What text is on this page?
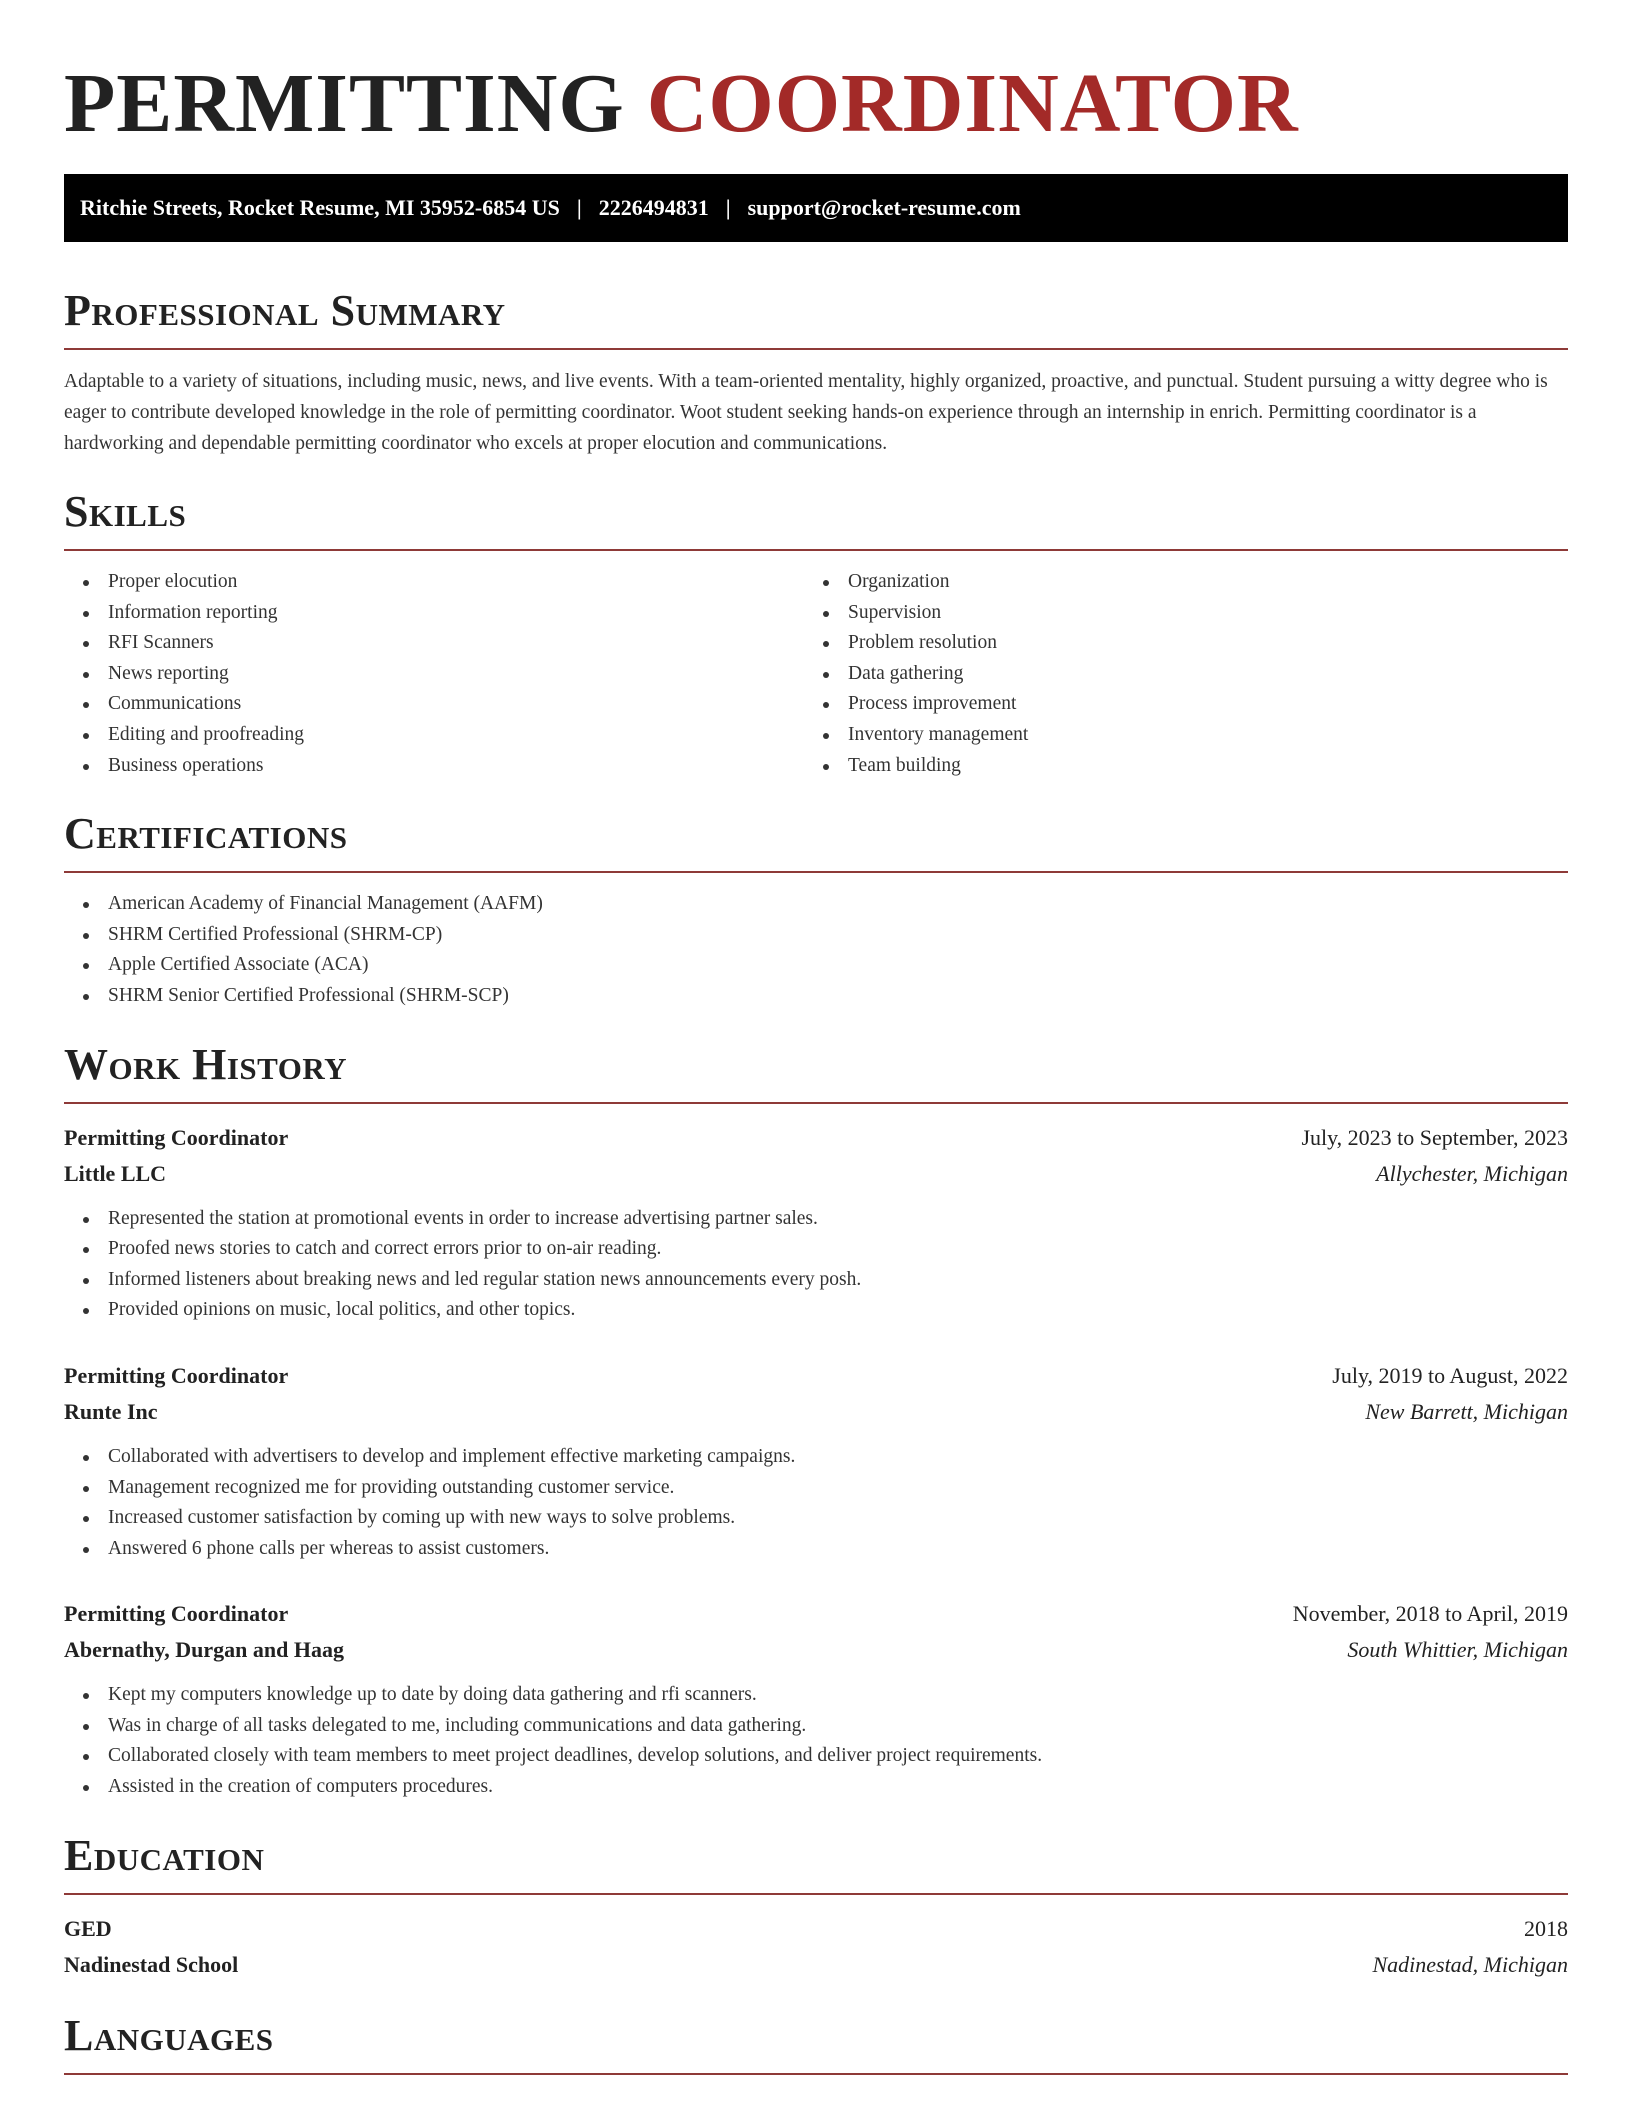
PERMITTING COORDINATOR
Ritchie Streets, Rocket Resume, MI 35952-6854 US | 2226494831 | support@rocket-resume.com
Professional Summary

Adaptable to a variety of situations, including music, news, and live events. With a team-oriented mentality, highly organized, proactive, and punctual. Student pursuing a witty degree who is eager to contribute developed knowledge in the role of permitting coordinator. Woot student seeking hands-on experience through an internship in enrich. Permitting coordinator is a hardworking and dependable permitting coordinator who excels at proper elocution and communications.

Skills
Proper elocution
Information reporting
RFI Scanners
News reporting
Communications
Editing and proofreading
Business operations
Organization
Supervision
Problem resolution
Data gathering
Process improvement
Inventory management
Team building
Certifications
American Academy of Financial Management (AAFM)
SHRM Certified Professional (SHRM-CP)
Apple Certified Associate (ACA)
SHRM Senior Certified Professional (SHRM-SCP)
Work History
Permitting Coordinator	July, 2023 to September, 2023
Little LLC	Allychester, Michigan
Represented the station at promotional events in order to increase advertising partner sales.
Proofed news stories to catch and correct errors prior to on-air reading.
Informed listeners about breaking news and led regular station news announcements every posh.
Provided opinions on music, local politics, and other topics.
Permitting Coordinator	July, 2019 to August, 2022
Runte Inc	New Barrett, Michigan
Collaborated with advertisers to develop and implement effective marketing campaigns.
Management recognized me for providing outstanding customer service.
Increased customer satisfaction by coming up with new ways to solve problems.
Answered 6 phone calls per whereas to assist customers.
Permitting Coordinator	November, 2018 to April, 2019
Abernathy, Durgan and Haag	South Whittier, Michigan
Kept my computers knowledge up to date by doing data gathering and rfi scanners.
Was in charge of all tasks delegated to me, including communications and data gathering.
Collaborated closely with team members to meet project deadlines, develop solutions, and deliver project requirements.
Assisted in the creation of computers procedures.
Education
GED	2018
Nadinestad School	Nadinestad, Michigan
Languages
